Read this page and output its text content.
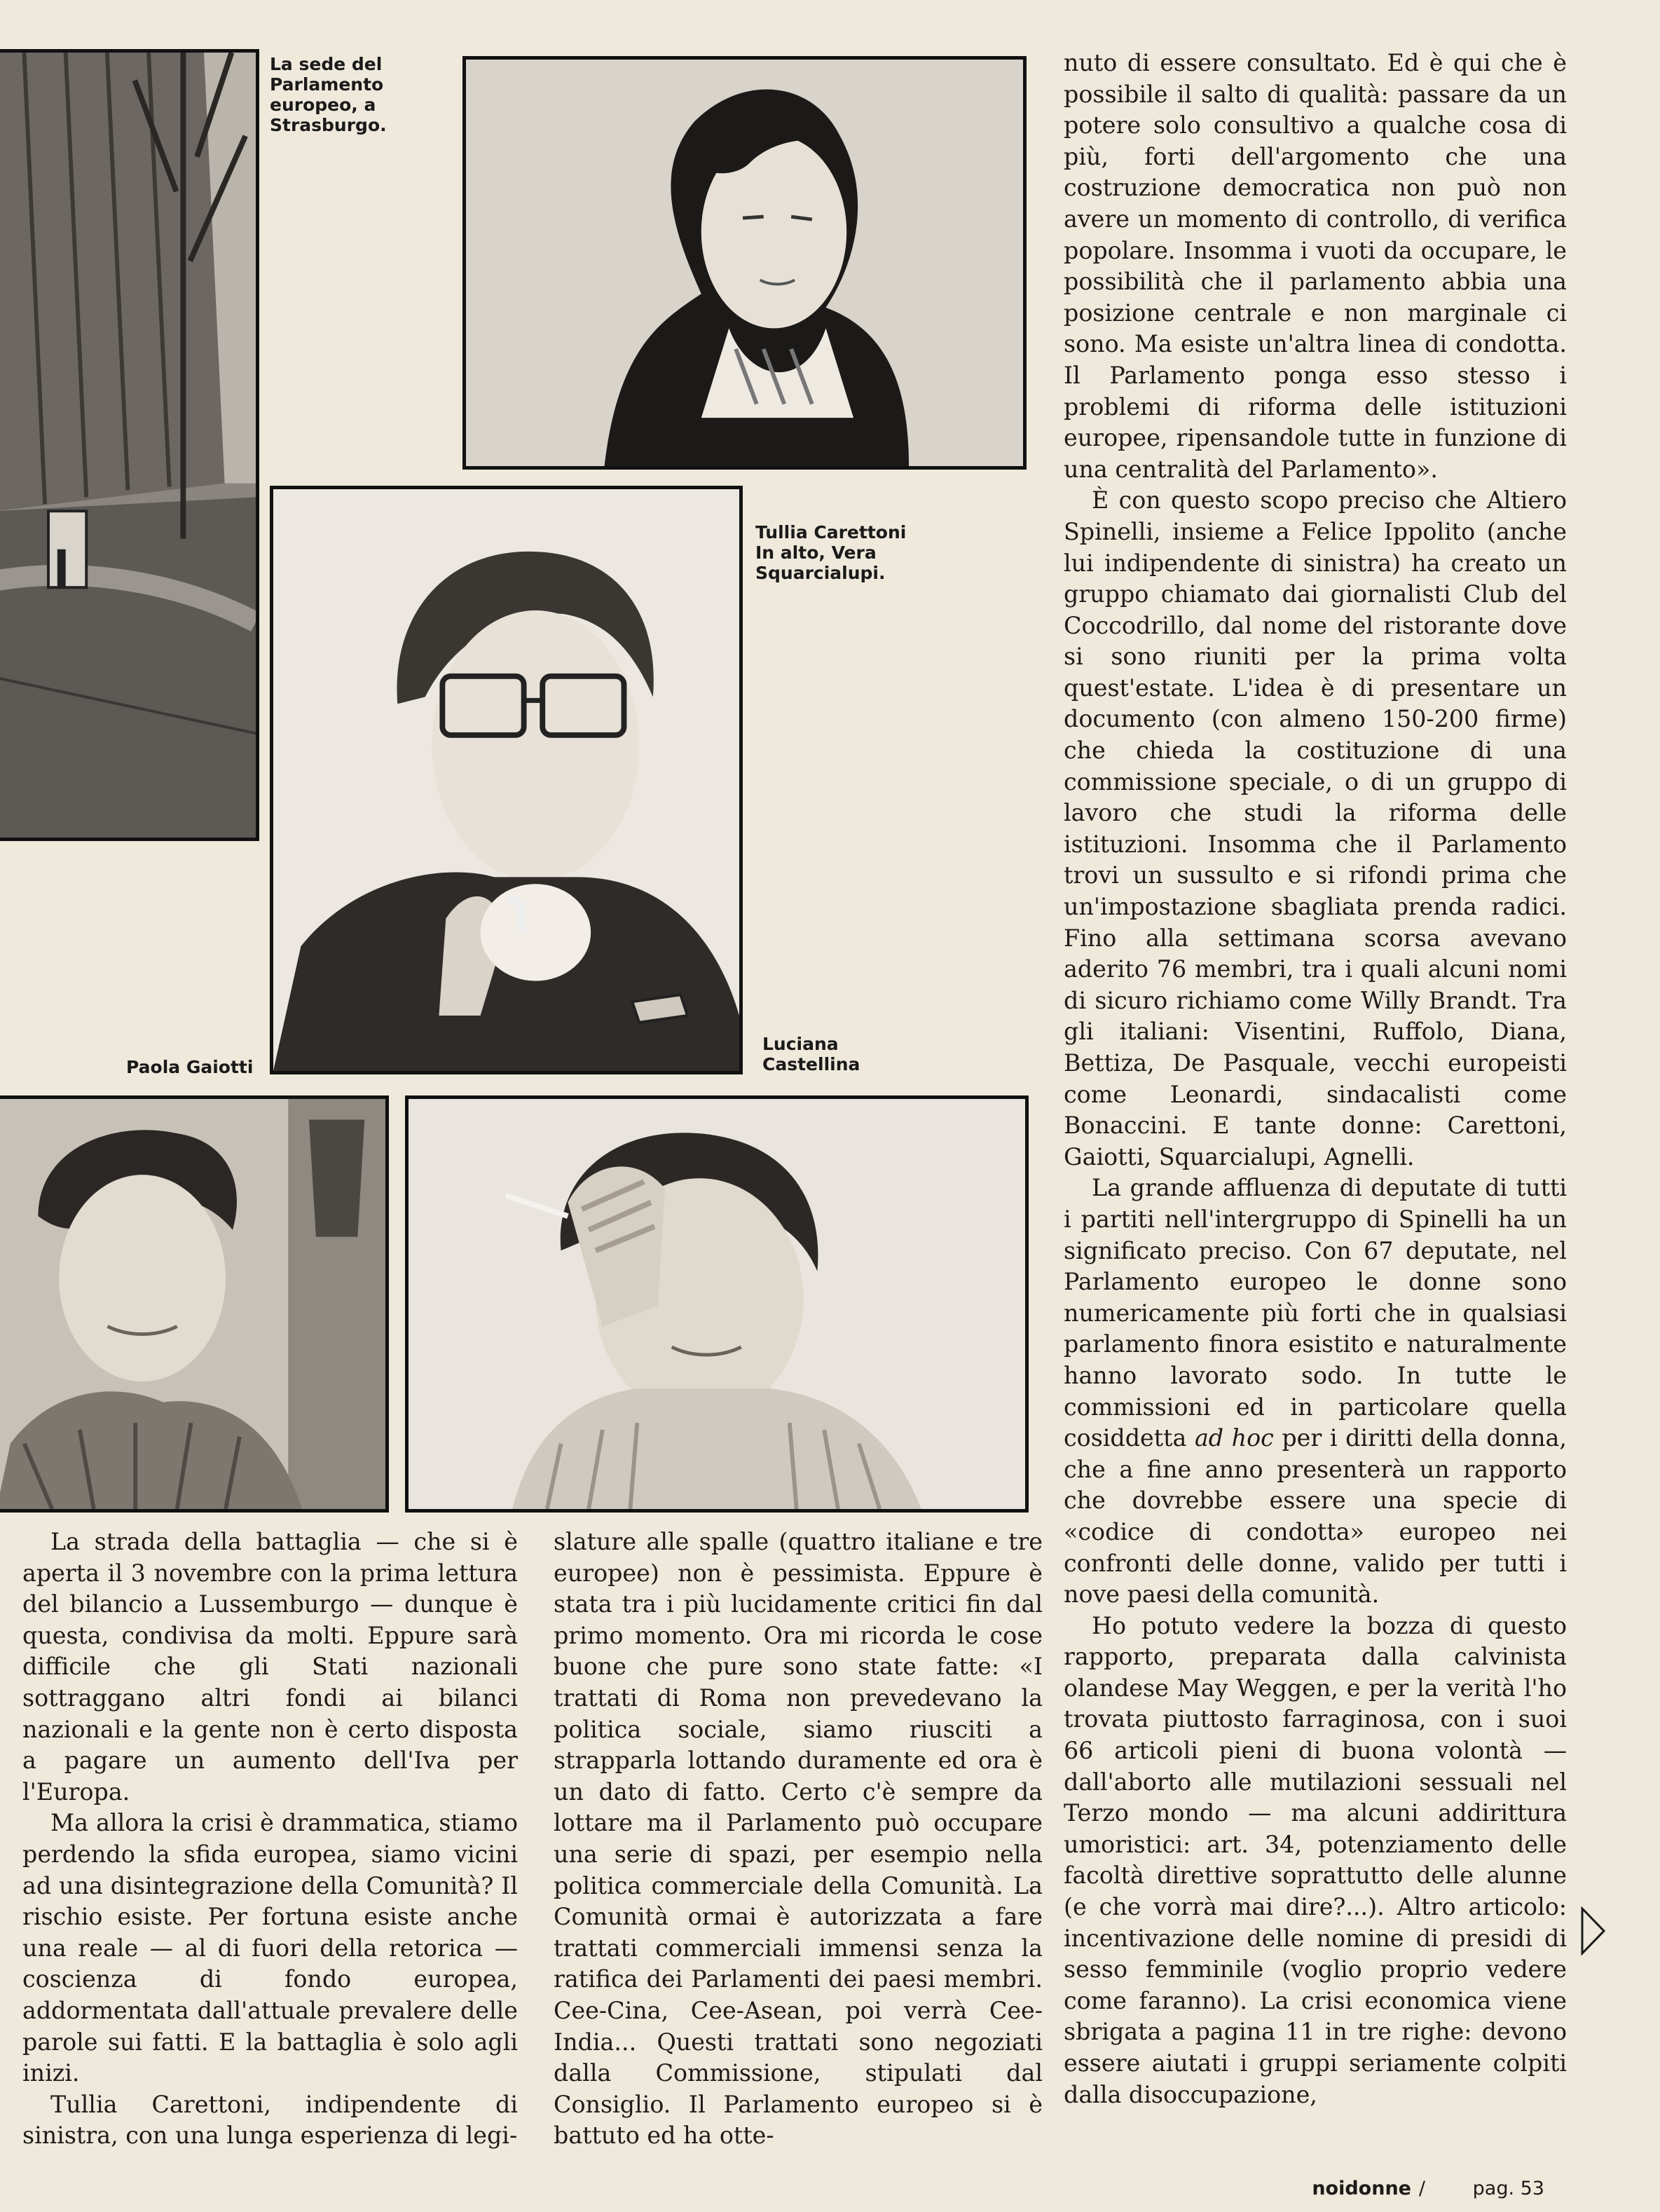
La sede del
Parlamento
europeo, a
Strasburgo.
Tullia Carettoni
In alto, Vera
Squarcialupi.
Paola Gaiotti
Luciana
Castellina

La strada della battaglia — che si è aperta il 3 novembre con la prima lettura del bilancio a Lussemburgo — dunque è questa, condivisa da molti. Eppure sarà difficile che gli Stati nazionali sottraggano altri fondi ai bilanci nazionali e la gente non è certo disposta a pagare un aumento dell'Iva per l'Europa.

Ma allora la crisi è drammatica, stiamo perdendo la sfida europea, siamo vicini ad una disintegrazione della Comunità? Il rischio esiste. Per fortuna esiste anche una reale — al di fuori della retorica — coscienza di fondo europea, addormentata dall'attuale prevalere delle parole sui fatti. E la battaglia è solo agli inizi.

Tullia Carettoni, indipendente di sinistra, con una lunga esperienza di legi-

slature alle spalle (quattro italiane e tre europee) non è pessimista. Eppure è stata tra i più lucidamente critici fin dal primo momento. Ora mi ricorda le cose buone che pure sono state fatte: «I trattati di Roma non prevedevano la politica sociale, siamo riusciti a strapparla lottando duramente ed ora è un dato di fatto. Certo c'è sempre da lottare ma il Parlamento può occupare una serie di spazi, per esempio nella politica commerciale della Comunità. La Comunità ormai è autorizzata a fare trattati commerciali immensi senza la ratifica dei Parlamenti dei paesi membri. Cee-Cina, Cee-Asean, poi verrà Cee-India... Questi trattati sono negoziati dalla Commissione, stipulati dal Consiglio. Il Parlamento europeo si è battuto ed ha otte-

nuto di essere consultato. Ed è qui che è possibile il salto di qualità: passare da un potere solo consultivo a qualche cosa di più, forti dell'argomento che una costruzione democratica non può non avere un momento di controllo, di verifica popolare. Insomma i vuoti da occupare, le possibilità che il parlamento abbia una posizione centrale e non marginale ci sono. Ma esiste un'altra linea di condotta. Il Parlamento ponga esso stesso i problemi di riforma delle istituzioni europee, ripensandole tutte in funzione di una centralità del Parlamento».

È con questo scopo preciso che Altiero Spinelli, insieme a Felice Ippolito (anche lui indipendente di sinistra) ha creato un gruppo chiamato dai giornalisti Club del Coccodrillo, dal nome del ristorante dove si sono riuniti per la prima volta quest'estate. L'idea è di presentare un documento (con almeno 150-200 firme) che chieda la costituzione di una commissione speciale, o di un gruppo di lavoro che studi la riforma delle istituzioni. Insomma che il Parlamento trovi un sussulto e si rifondi prima che un'impostazione sbagliata prenda radici. Fino alla settimana scorsa avevano aderito 76 membri, tra i quali alcuni nomi di sicuro richiamo come Willy Brandt. Tra gli italiani: Visentini, Ruffolo, Diana, Bettiza, De Pasquale, vecchi europeisti come Leonardi, sindacalisti come Bonaccini. E tante donne: Carettoni, Gaiotti, Squarcialupi, Agnelli.

La grande affluenza di deputate di tutti i partiti nell'intergruppo di Spinelli ha un significato preciso. Con 67 deputate, nel Parlamento europeo le donne sono numericamente più forti che in qualsiasi parlamento finora esistito e naturalmente hanno lavorato sodo. In tutte le commissioni ed in particolare quella cosiddetta ad hoc per i diritti della donna, che a fine anno presenterà un rapporto che dovrebbe essere una specie di «codice di condotta» europeo nei confronti delle donne, valido per tutti i nove paesi della comunità.

Ho potuto vedere la bozza di questo rapporto, preparata dalla calvinista olandese May Weggen, e per la verità l'ho trovata piuttosto farraginosa, con i suoi 66 articoli pieni di buona volontà — dall'aborto alle mutilazioni sessuali nel Terzo mondo — ma alcuni addirittura umoristici: art. 34, potenziamento delle facoltà direttive soprattutto delle alunne (e che vorrà mai dire?...). Altro articolo: incentivazione delle nomine di presidi di sesso femminile (voglio proprio vedere come faranno). La crisi economica viene sbrigata a pagina 11 in tre righe: devono essere aiutati i gruppi seriamente colpiti dalla disoccupazione,

/
noidonne	pag. 53
